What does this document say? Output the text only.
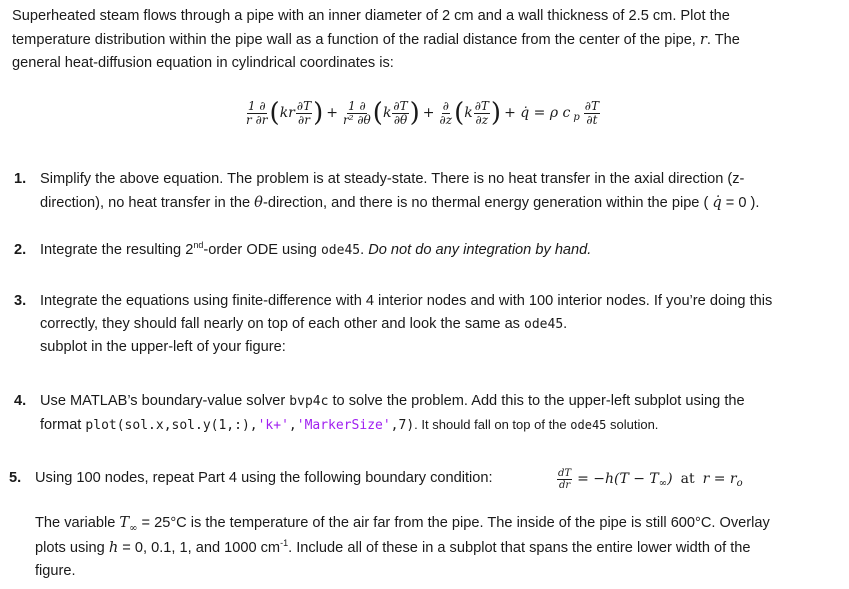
Superheated steam flows through a pipe with an inner diameter of 2 cm and a wall thickness of 2.5 cm. Plot the
temperature distribution within the pipe wall as a function of the radial distance from the center of the pipe, r. The
general heat-diffusion equation in cylindrical coordinates is:
$\frac{1 \partial}{r \partial r}$ ( kr $\frac{\partial T}{\partial r}$ ) + $\frac{1 \partial}{\text{r² ∂θ}}$ ( k $\frac{\partial T}{\partial\theta}$ ) + $\frac{\partial}{\partial z}$ ( k $\frac{\partial T}{\partial z}$ ) + q̇ = ρ c p $\frac{\partial T}{\partial t}$
1. Simplify the above equation. The problem is at steady-state. There is no heat transfer in the axial direction (z-
direction), no heat transfer in the θ-direction, and there is no thermal energy generation within the pipe ( q̇ = 0 ).
2. Integrate the resulting 2nd-order ODE using ode45. Do not do any integration by hand.
3. Integrate the equations using finite-difference with 4 interior nodes and with 100 interior nodes. If you’re doing this
correctly, they should fall nearly on top of each other and look the same as ode45.
subplot in the upper-left of your figure:
4. Use MATLAB’s boundary-value solver bvp4c to solve the problem. Add this to the upper-left subplot using the
format plot(sol.x,sol.y(1,:),'k+','MarkerSize',7). It should fall on top of the ode45 solution.
5. Using 100 nodes, repeat Part 4 using the following boundary condition:	$\frac{dT}{dr} = -h(T - T$ ∞ ) at r = r o
The variable $T_\infty = 25^\circ C$ is the temperature of the air far from the pipe. The inside of the pipe is still 600°C. Overlay
plots using h = 0, 0.1, 1, and 1000 $cm^{-1}$. Include all of these in a subplot that spans the entire lower width of the
figure.
